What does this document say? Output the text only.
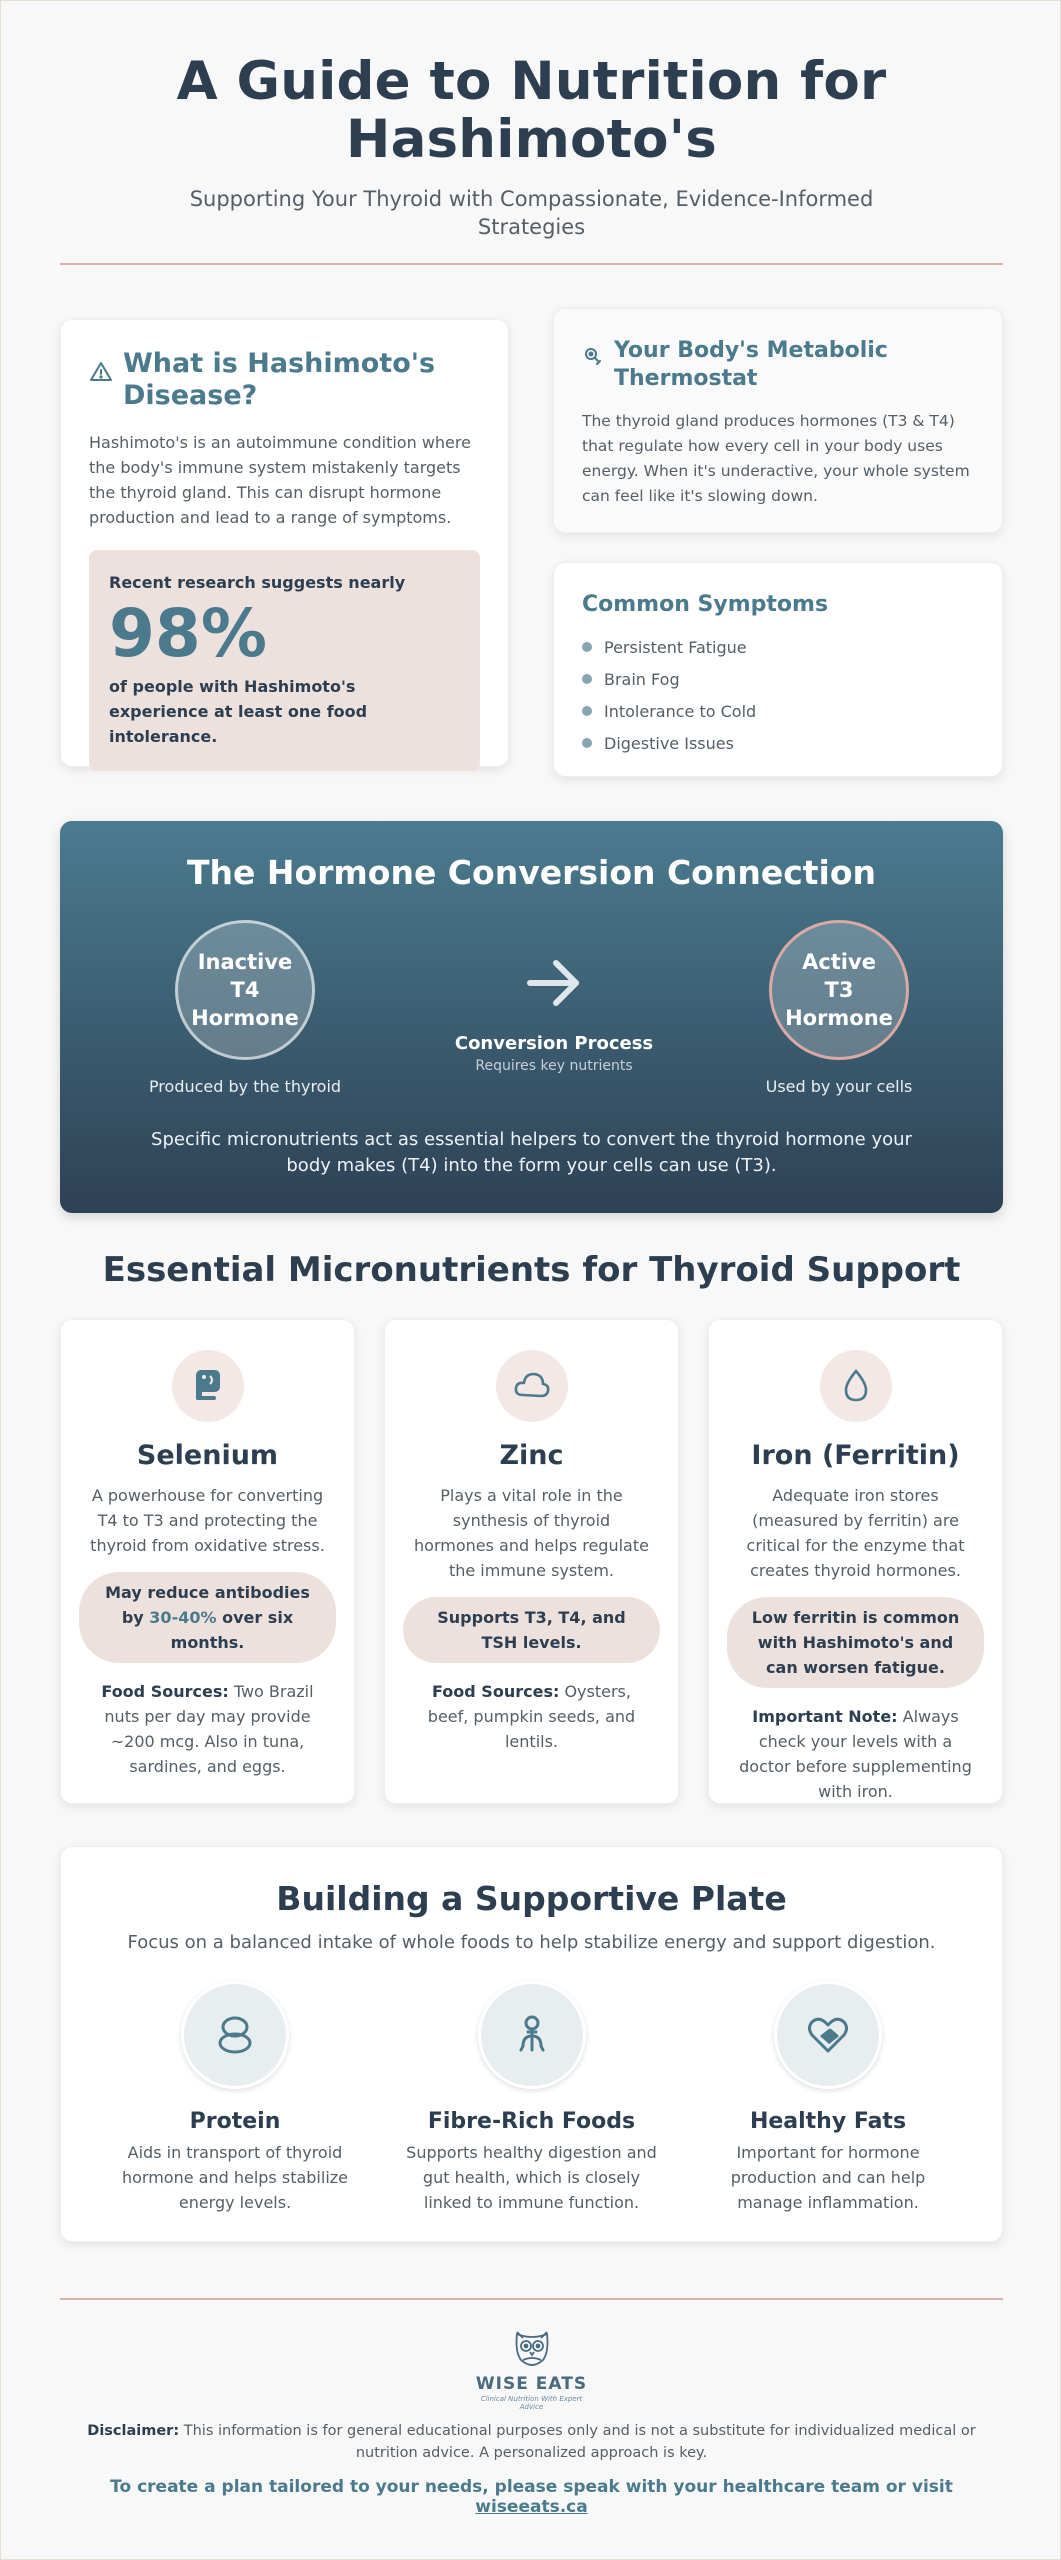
A Guide to Nutrition for
Hashimoto's
Supporting Your Thyroid with Compassionate, Evidence-Informed Strategies
What is Hashimoto's Disease?
Hashimoto's is an autoimmune condition where the body's immune system mistakenly targets the thyroid gland. This can disrupt hormone production and lead to a range of symptoms.
Recent research suggests nearly
98%
of people with Hashimoto's experience at least one food intolerance.
Your Body's Metabolic Thermostat
The thyroid gland produces hormones (T3 & T4) that regulate how every cell in your body uses energy. When it's underactive, your whole system can feel like it's slowing down.
Common Symptoms
Persistent Fatigue
Brain Fog
Intolerance to Cold
Digestive Issues
The Hormone Conversion Connection
Inactive T4 Hormone
Produced by the thyroid
Conversion Process
Requires key nutrients
Active T3 Hormone
Used by your cells
Specific micronutrients act as essential helpers to convert the thyroid hormone your body makes (T4) into the form your cells can use (T3).
Essential Micronutrients for Thyroid Support
Selenium
A powerhouse for converting T4 to T3 and protecting the thyroid from oxidative stress.
May reduce antibodies by 30-40% over six months.
Food Sources: Two Brazil nuts per day may provide ~200 mcg. Also in tuna, sardines, and eggs.
Zinc
Plays a vital role in the synthesis of thyroid hormones and helps regulate the immune system.
Supports T3, T4, and TSH levels.
Food Sources: Oysters, beef, pumpkin seeds, and lentils.
Iron (Ferritin)
Adequate iron stores (measured by ferritin) are critical for the enzyme that creates thyroid hormones.
Low ferritin is common with Hashimoto's and can worsen fatigue.
Important Note: Always check your levels with a doctor before supplementing with iron.
Building a Supportive Plate
Focus on a balanced intake of whole foods to help stabilize energy and support digestion.
Protein
Aids in transport of thyroid hormone and helps stabilize energy levels.
Fibre-Rich Foods
Supports healthy digestion and gut health, which is closely linked to immune function.
Healthy Fats
Important for hormone production and can help manage inflammation.
WISE EATS
Clinical Nutrition With Expert Advice
Disclaimer: This information is for general educational purposes only and is not a substitute for individualized medical or nutrition advice. A personalized approach is key.
To create a plan tailored to your needs, please speak with your healthcare team or visit wiseeats.ca
